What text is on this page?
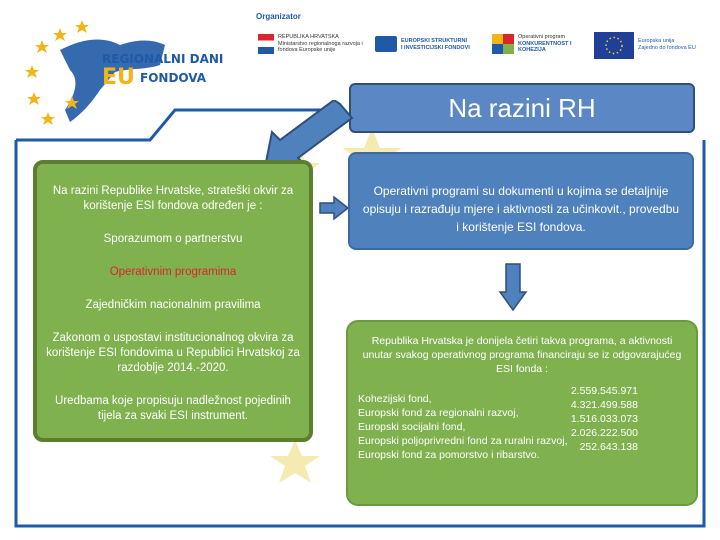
REGIONALNI DANI
EU FONDOVA
Organizator
REPUBLIKA HRVATSKA
Ministarstvo regionalnoga razvoja i fondova Europske unije
EUROPSKI STRUKTURNI
I INVESTICIJSKI FONDOVI
Operativni program
KONKURENTNOST I KOHEZIJA
Europska unija
Zajedno do fondova EU
Na razini RH

Na razini Republike Hrvatske, strateški okvir za korištenje ESI fondova određen je :

Sporazumom o partnerstvu

Operativnim programima

Zajedničkim nacionalnim pravilima

Zakonom o uspostavi institucionalnog okvira za korištenje ESI fondovima u Republici Hrvatskoj za razdoblje 2014.-2020.

Uredbama koje propisuju nadležnost pojedinih tijela za svaki ESI instrument.

Operativni programi su dokumenti u kojima se detaljnije opisuju i razrađuju mjere i aktivnosti za učinkovit., provedbu i korištenje ESI fondova.
Republika Hrvatska je donijela četiri takva programa, a aktivnosti unutar svakog operativnog programa financiraju se iz odgovarajućeg ESI fonda :
Kohezijski fond,
Europski fond za regionalni razvoj,
Europski socijalni fond,
Europski poljoprivredni fond za ruralni razvoj,
Europski fond za pomorstvo i ribarstvo.
2.559.545.971
4.321.499.588
1.516.033.073
2.026.222.500
252.643.138
